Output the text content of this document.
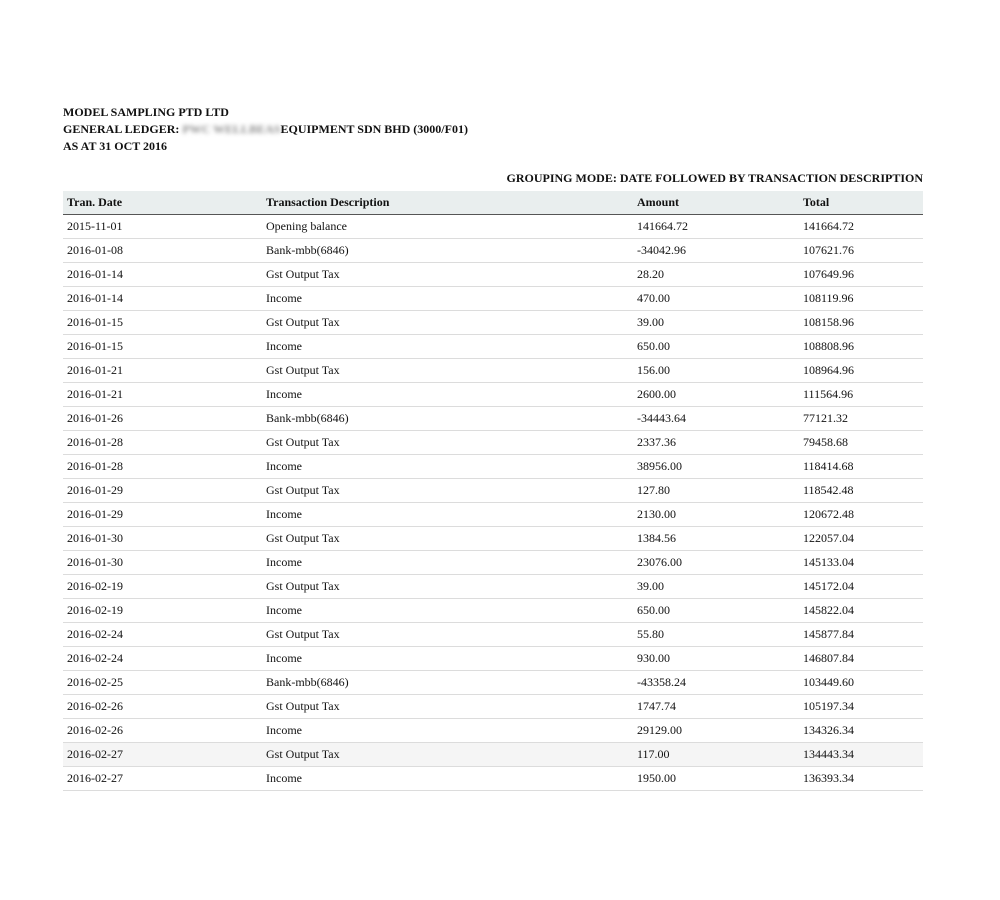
MODEL SAMPLING PTD LTD
GENERAL LEDGER: PWC WELLBEASEQUIPMENT SDN BHD (3000/F01)
AS AT 31 OCT 2016
GROUPING MODE: DATE FOLLOWED BY TRANSACTION DESCRIPTION
Tran. Date	Transaction Description	Amount	Total
2015-11-01	Opening balance	141664.72	141664.72
2016-01-08	Bank-mbb(6846)	-34042.96	107621.76
2016-01-14	Gst Output Tax	28.20	107649.96
2016-01-14	Income	470.00	108119.96
2016-01-15	Gst Output Tax	39.00	108158.96
2016-01-15	Income	650.00	108808.96
2016-01-21	Gst Output Tax	156.00	108964.96
2016-01-21	Income	2600.00	111564.96
2016-01-26	Bank-mbb(6846)	-34443.64	77121.32
2016-01-28	Gst Output Tax	2337.36	79458.68
2016-01-28	Income	38956.00	118414.68
2016-01-29	Gst Output Tax	127.80	118542.48
2016-01-29	Income	2130.00	120672.48
2016-01-30	Gst Output Tax	1384.56	122057.04
2016-01-30	Income	23076.00	145133.04
2016-02-19	Gst Output Tax	39.00	145172.04
2016-02-19	Income	650.00	145822.04
2016-02-24	Gst Output Tax	55.80	145877.84
2016-02-24	Income	930.00	146807.84
2016-02-25	Bank-mbb(6846)	-43358.24	103449.60
2016-02-26	Gst Output Tax	1747.74	105197.34
2016-02-26	Income	29129.00	134326.34
2016-02-27	Gst Output Tax	117.00	134443.34
2016-02-27	Income	1950.00	136393.34
